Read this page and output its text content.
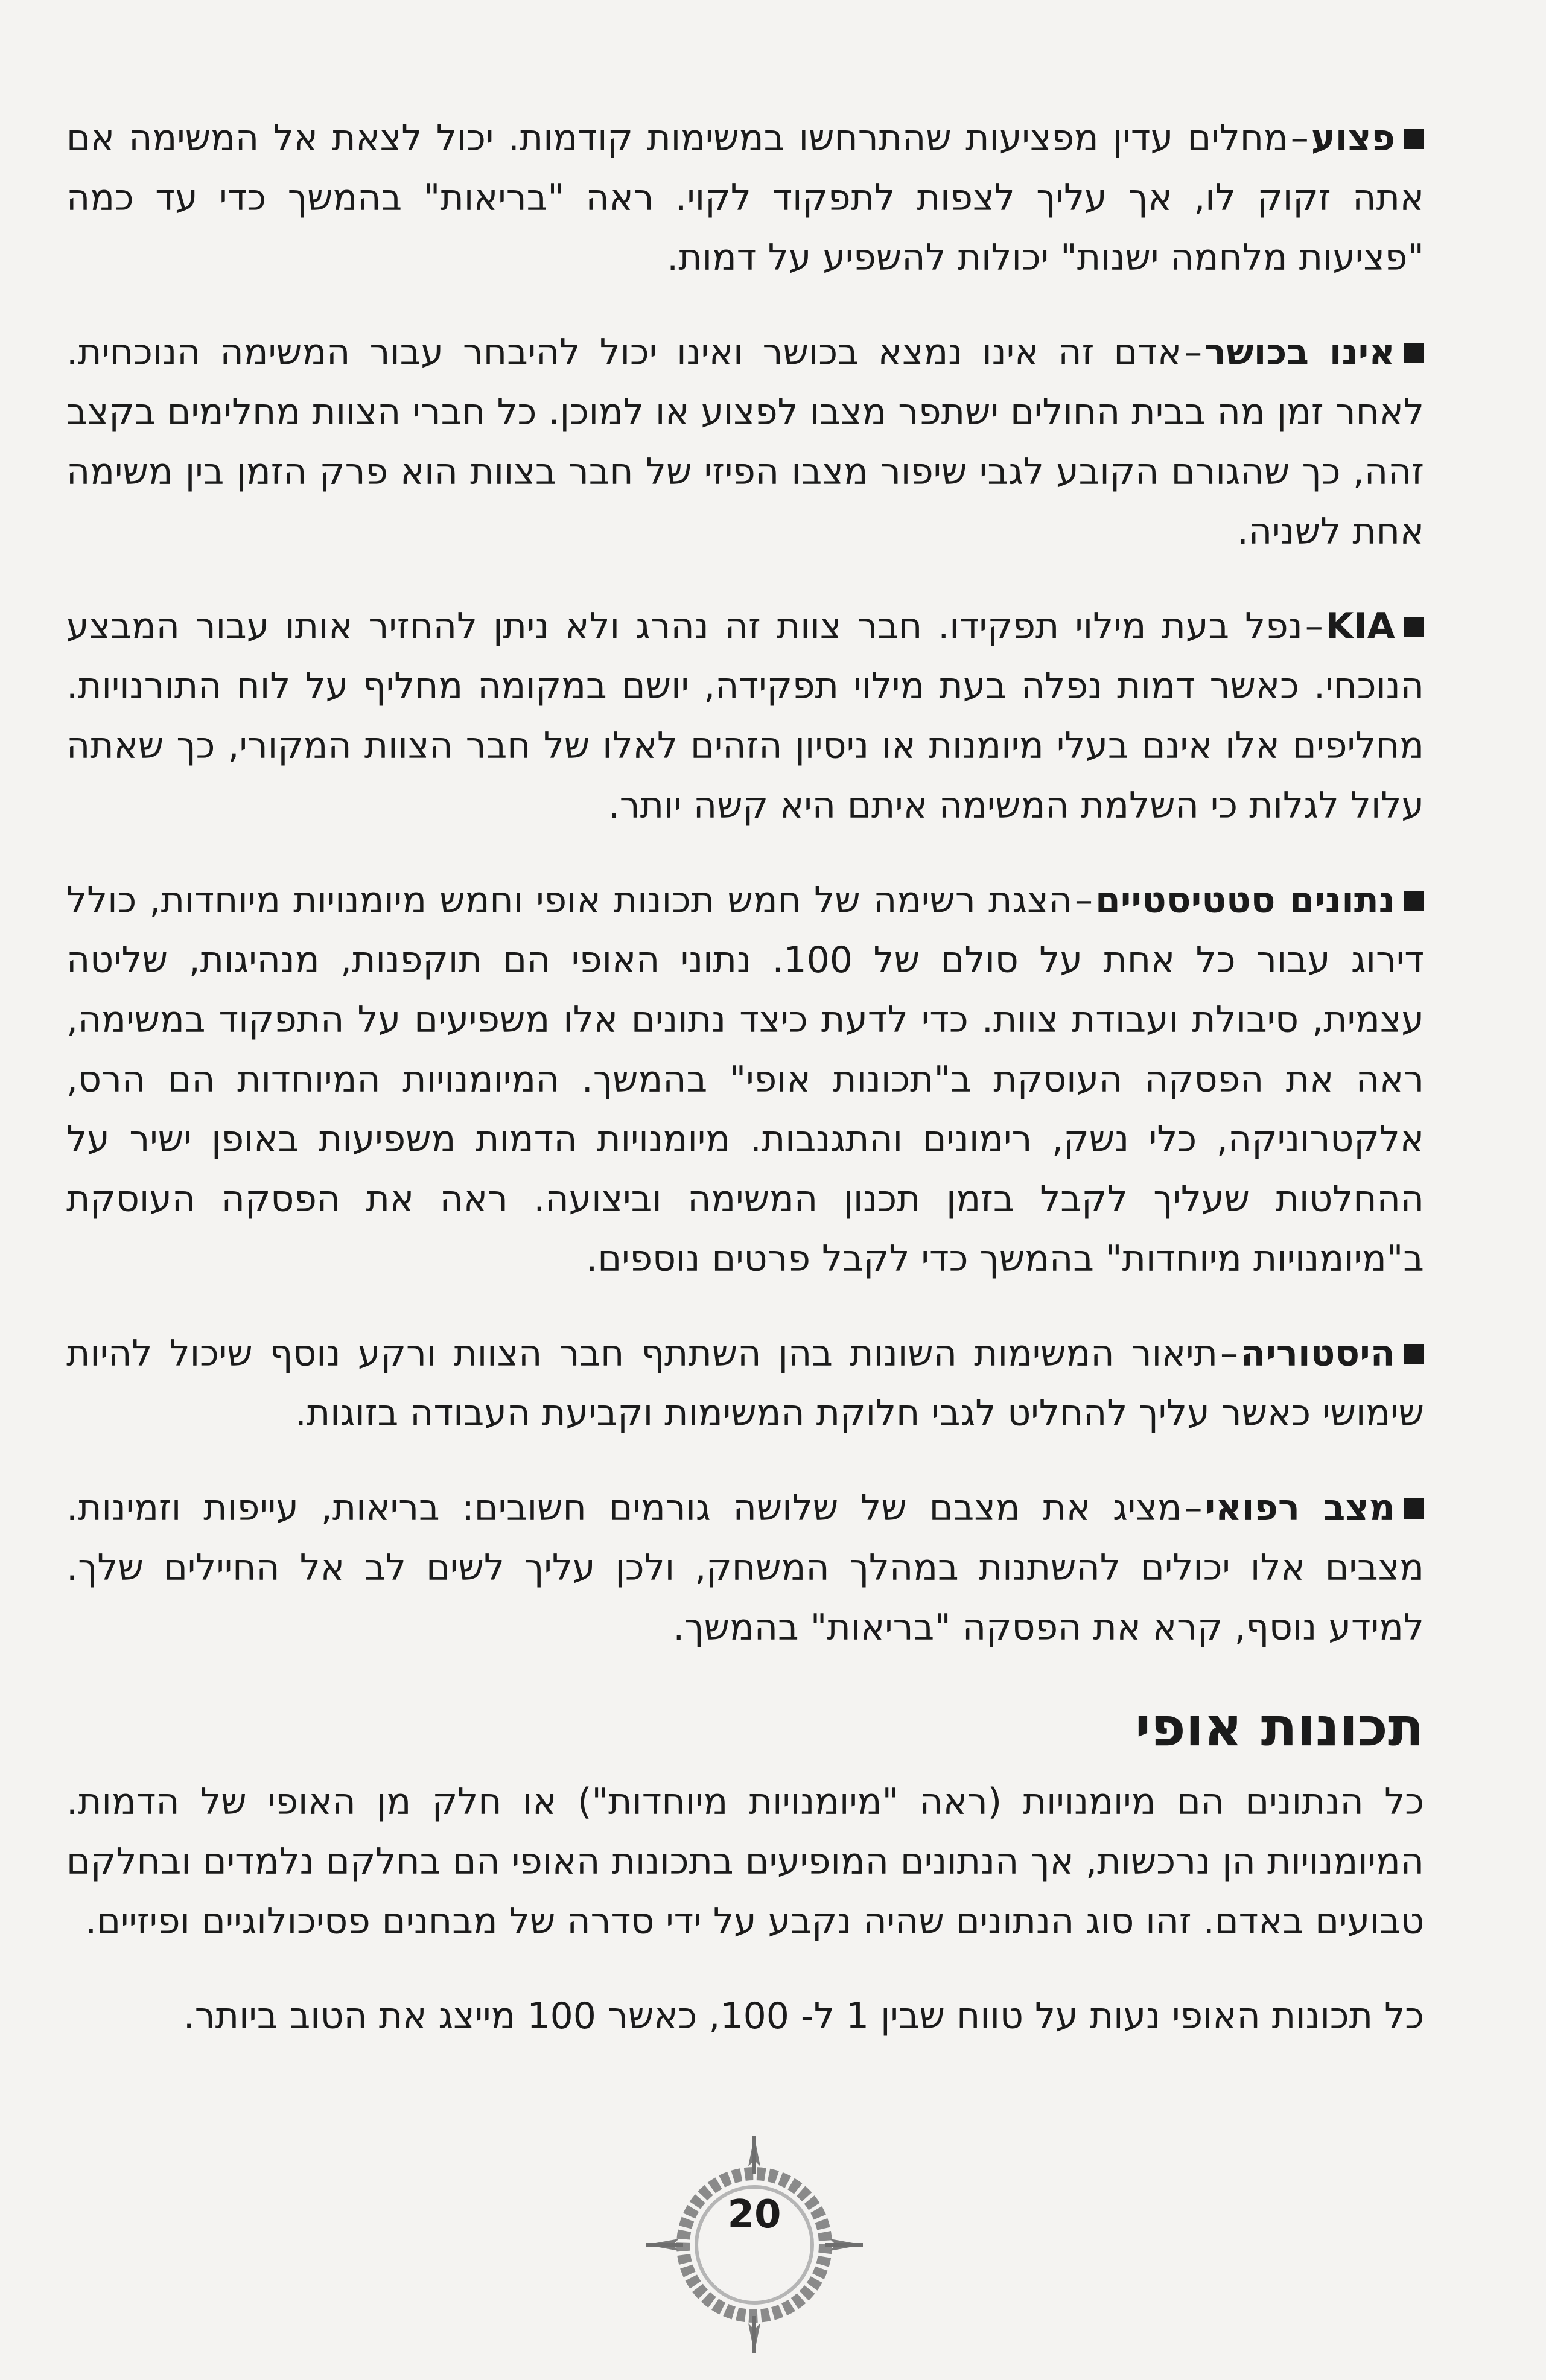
פצוע–מחלים עדין מפציעות שהתרחשו במשימות קודמות. יכול לצאת אל המשימה אם אתה זקוק לו, אך עליך לצפות לתפקוד לקוי. ראה "בריאות" בהמשך כדי עד כמה "פציעות מלחמה ישנות" יכולות להשפיע על דמות.

אינו בכושר–אדם זה אינו נמצא בכושר ואינו יכול להיבחר עבור המשימה הנוכחית. לאחר זמן מה בבית החולים ישתפר מצבו לפצוע או למוכן. כל חברי הצוות מחלימים בקצב זהה, כך שהגורם הקובע לגבי שיפור מצבו הפיזי של חבר בצוות הוא פרק הזמן בין משימה אחת לשניה.

KIA–נפל בעת מילוי תפקידו. חבר צוות זה נהרג ולא ניתן להחזיר אותו עבור המבצע הנוכחי. כאשר דמות נפלה בעת מילוי תפקידה, יושם במקומה מחליף על לוח התורנויות. מחליפים אלו אינם בעלי מיומנות או ניסיון הזהים לאלו של חבר הצוות המקורי, כך שאתה עלול לגלות כי השלמת המשימה איתם היא קשה יותר.

נתונים סטטיסטיים–הצגת רשימה של חמש תכונות אופי וחמש מיומנויות מיוחדות, כולל דירוג עבור כל אחת על סולם של 100. נתוני האופי הם תוקפנות, מנהיגות, שליטה עצמית, סיבולת ועבודת צוות. כדי לדעת כיצד נתונים אלו משפיעים על התפקוד במשימה, ראה את הפסקה העוסקת ב"תכונות אופי" בהמשך. המיומנויות המיוחדות הם הרס, אלקטרוניקה, כלי נשק, רימונים והתגנבות. מיומנויות הדמות משפיעות באופן ישיר על ההחלטות שעליך לקבל בזמן תכנון המשימה וביצועה. ראה את הפסקה העוסקת ב"מיומנויות מיוחדות" בהמשך כדי לקבל פרטים נוספים.

היסטוריה–תיאור המשימות השונות בהן השתתף חבר הצוות ורקע נוסף שיכול להיות שימושי כאשר עליך להחליט לגבי חלוקת המשימות וקביעת העבודה בזוגות.

מצב רפואי–מציג את מצבם של שלושה גורמים חשובים: בריאות, עייפות וזמינות. מצבים אלו יכולים להשתנות במהלך המשחק, ולכן עליך לשים לב אל החיילים שלך. למידע נוסף, קרא את הפסקה "בריאות" בהמשך.

תכונות אופי

כל הנתונים הם מיומנויות (ראה "מיומנויות מיוחדות") או חלק מן האופי של הדמות. המיומנויות הן נרכשות, אך הנתונים המופיעים בתכונות האופי הם בחלקם נלמדים ובחלקם טבועים באדם. זהו סוג הנתונים שהיה נקבע על ידי סדרה של מבחנים פסיכולוגיים ופיזיים.

כל תכונות האופי נעות על טווח שבין 1 ל- 100, כאשר 100 מייצג את הטוב ביותר.

20
